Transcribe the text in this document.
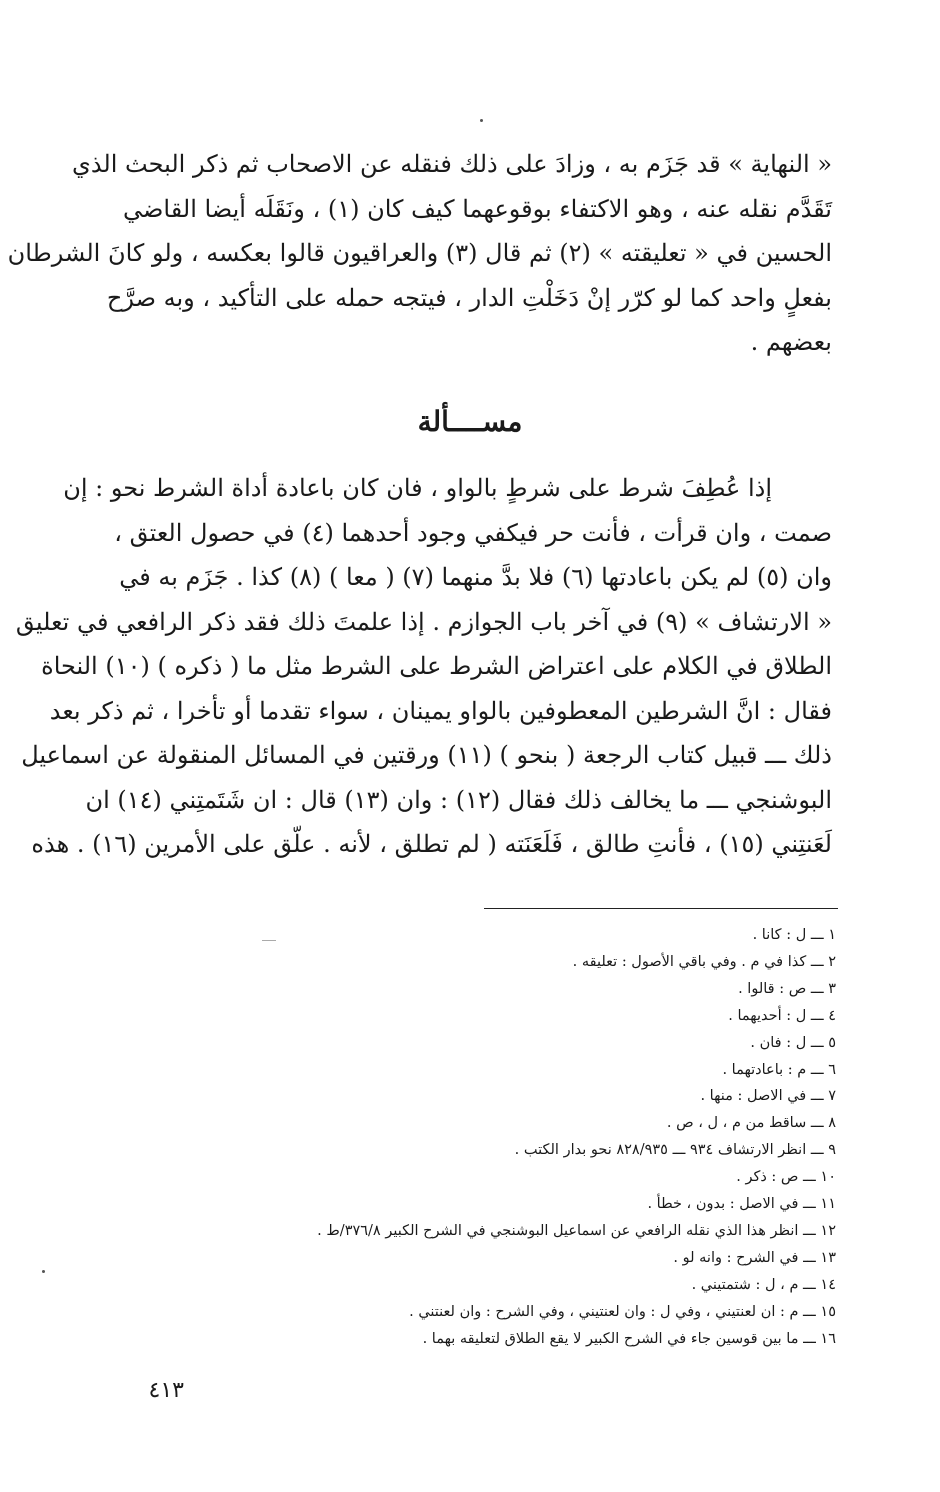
« النهاية » قد جَزَم به ، وزادَ على ذلك فنقله عن الاصحاب ثم ذكر البحث الذي
تَقَدَّم نقله عنه ، وهو الاكتفاء بوقوعهما كيف كان (١) ، ونَقَلَه أيضا القاضي
الحسين في « تعليقته » (٢) ثم قال (٣) والعراقيون قالوا بعكسه ، ولو كانَ الشرطان
بفعلٍ واحد كما لو كرّر إنْ دَخَلْتِ الدار ، فيتجه حمله على التأكيد ، وبه صرَّح
بعضهم .
مســــألة
إذا عُطِفَ شرط على شرطٍ بالواو ، فان كان باعادة أداة الشرط نحو : إن
صمت ، وان قرأت ، فأنت حر فيكفي وجود أحدهما (٤) في حصول العتق ،
وان (٥) لم يكن باعادتها (٦) فلا بدَّ منهما (٧) ( معا ) (٨) كذا . جَزَم به في
« الارتشاف » (٩) في آخر باب الجوازم . إذا علمتَ ذلك فقد ذكر الرافعي في تعليق
الطلاق في الكلام على اعتراض الشرط على الشرط مثل ما ( ذكره ) (١٠) النحاة
فقال : انَّ الشرطين المعطوفين بالواو يمينان ، سواء تقدما أو تأخرا ، ثم ذكر بعد
ذلك ـــ قبيل كتاب الرجعة ( بنحو ) (١١) ورقتين في المسائل المنقولة عن اسماعيل
البوشنجي ـــ ما يخالف ذلك فقال (١٢) : وان (١٣) قال : ان شَتَمتِني (١٤) ان
لَعَنتِني (١٥) ، فأنتِ طالق ، فَلَعَنَته ( لم تطلق ، لأنه . علّق على الأمرين (١٦) . هذه
١ ـــ ل : كانا .
٢ ـــ كذا في م . وفي باقي الأصول : تعليقه .
٣ ـــ ص : قالوا .
٤ ـــ ل : أحديهما .
٥ ـــ ل : فان .
٦ ـــ م : باعادتهما .
٧ ـــ في الاصل : منها .
٨ ـــ ساقط من م ، ل ، ص .
٩ ـــ انظر الارتشاف ٩٣٤ ـــ ٨٢٨/٩٣٥ نحو بدار الكتب .
١٠ ـــ ص : ذكر .
١١ ـــ في الاصل : بدون ، خطأ .
١٢ ـــ انظر هذا الذي نقله الرافعي عن اسماعيل البوشنجي في الشرح الكبير ٣٧٦/٨/ط .
١٣ ـــ في الشرح : وانه لو .
١٤ ـــ م ، ل : شتمتيني .
١٥ ـــ م : ان لعنتيني ، وفي ل : وان لعنتيني ، وفي الشرح : وان لعنتني .
١٦ ـــ ما بين قوسين جاء في الشرح الكبير لا يقع الطلاق لتعليقه بهما .
٤١٣
